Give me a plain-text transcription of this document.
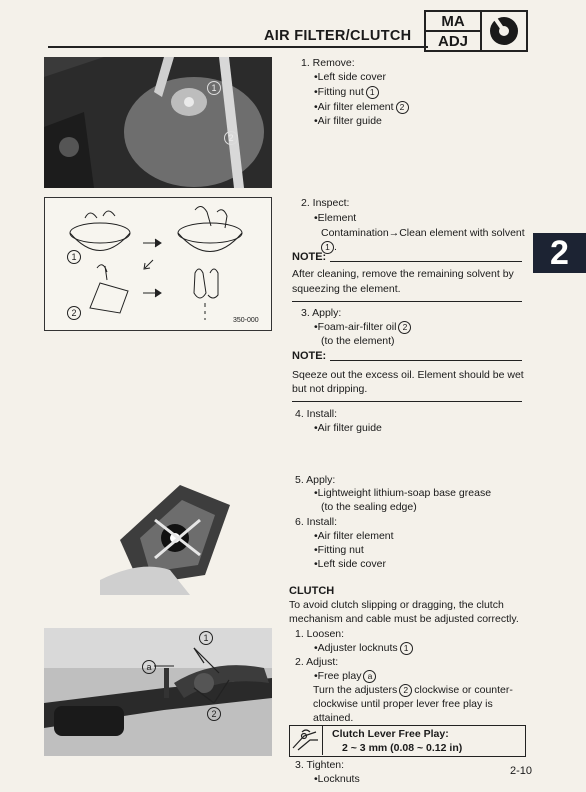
AIR FILTER/CLUTCH
MA
ADJ
2
1
2
1
2
350-000
1
a
2
1. Remove:
•Left side cover
•Fitting nut 1
•Air filter element 2
•Air filter guide
2. Inspect:
•Element
Contamination→Clean element with solvent
1 .
NOTE:
After cleaning, remove the remaining solvent by
squeezing the element.
3. Apply:
•Foam-air-filter oil 2
(to the element)
NOTE:
Sqeeze out the excess oil. Element should be wet
but not dripping.
4. Install:
•Air filter guide
5. Apply:
•Lightweight lithium-soap base grease
(to the sealing edge)
6. Install:
•Air filter element
•Fitting nut
•Left side cover
CLUTCH
To avoid clutch slipping or dragging, the clutch
mechanism and cable must be adjusted correctly.
1. Loosen:
•Adjuster locknuts 1
2. Adjust:
•Free play a
Turn the adjusters 2 clockwise or counter-
clockwise until proper lever free play is
attained.
Clutch Lever Free Play:
2 ~ 3 mm (0.08 ~ 0.12 in)
3. Tighten:
•Locknuts
2-10
